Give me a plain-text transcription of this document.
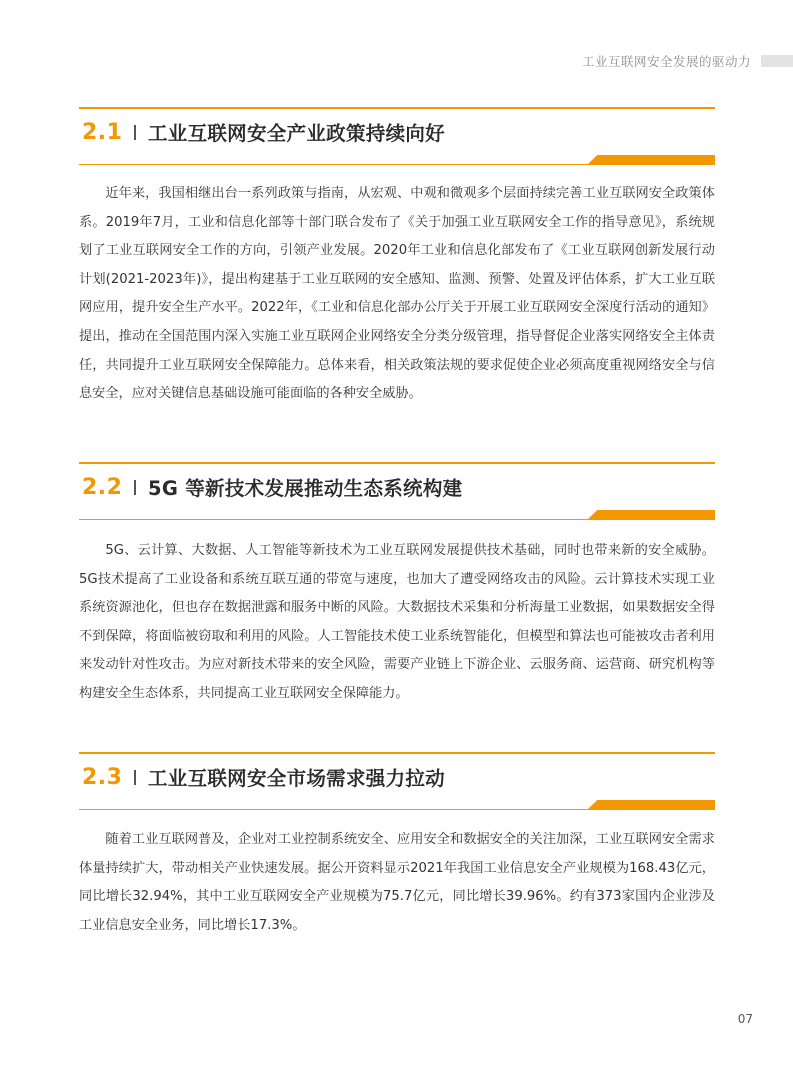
工业互联网安全发展的驱动力
2.1 工业互联网安全产业政策持续向好

近年来，我国相继出台一系列政策与指南，从宏观、中观和微观多个层面持续完善工业互联网安全政策体系。2019年7月，工业和信息化部等十部门联合发布了《关于加强工业互联网安全工作的指导意见》，系统规划了工业互联网安全工作的方向，引领产业发展。2020年工业和信息化部发布了《工业互联网创新发展行动计划(2021-2023年)》，提出构建基于工业互联网的安全感知、监测、预警、处置及评估体系，扩大工业互联网应用，提升安全生产水平。2022年，《工业和信息化部办公厅关于开展工业互联网安全深度行活动的通知》提出，推动在全国范围内深入实施工业互联网企业网络安全分类分级管理，指导督促企业落实网络安全主体责任，共同提升工业互联网安全保障能力。总体来看，相关政策法规的要求促使企业必须高度重视网络安全与信息安全，应对关键信息基础设施可能面临的各种安全威胁。

2.2 5G 等新技术发展推动生态系统构建

5G、云计算、大数据、人工智能等新技术为工业互联网发展提供技术基础，同时也带来新的安全威胁。5G技术提高了工业设备和系统互联互通的带宽与速度，也加大了遭受网络攻击的风险。云计算技术实现工业系统资源池化，但也存在数据泄露和服务中断的风险。大数据技术采集和分析海量工业数据，如果数据安全得不到保障，将面临被窃取和利用的风险。人工智能技术使工业系统智能化，但模型和算法也可能被攻击者利用来发动针对性攻击。为应对新技术带来的安全风险，需要产业链上下游企业、云服务商、运营商、研究机构等构建安全生态体系，共同提高工业互联网安全保障能力。

2.3 工业互联网安全市场需求强力拉动

随着工业互联网普及，企业对工业控制系统安全、应用安全和数据安全的关注加深，工业互联网安全需求体量持续扩大，带动相关产业快速发展。据公开资料显示2021年我国工业信息安全产业规模为168.43亿元，同比增长32.94%，其中工业互联网安全产业规模为75.7亿元，同比增长39.96%。约有373家国内企业涉及工业信息安全业务，同比增长17.3%。

07
